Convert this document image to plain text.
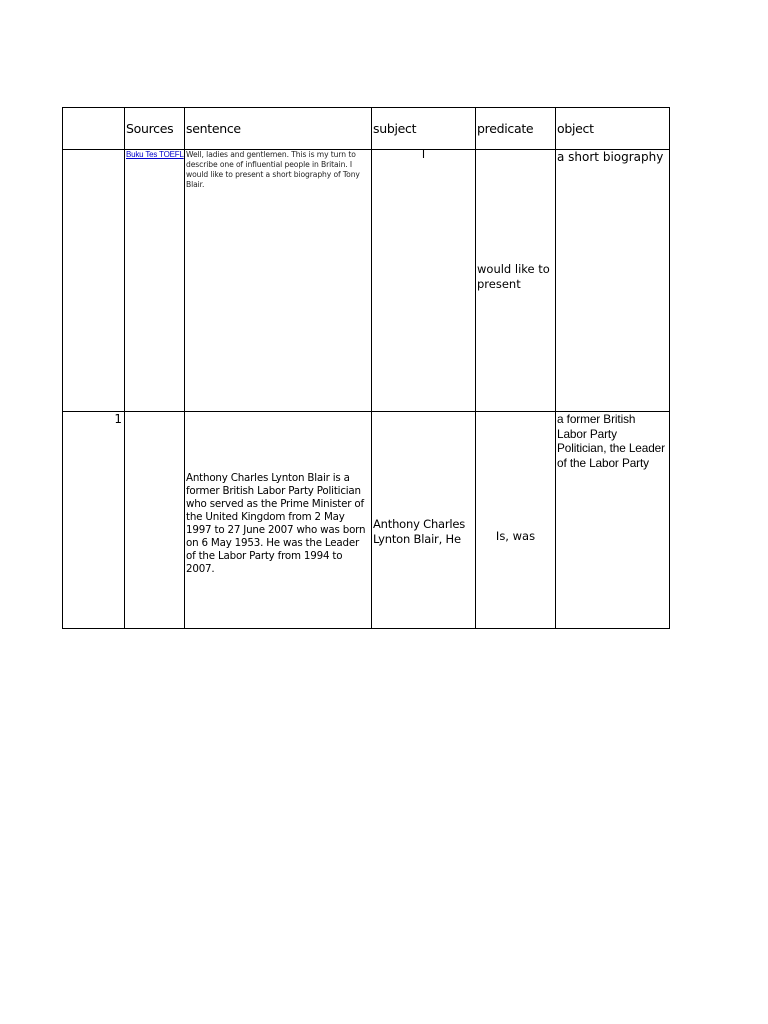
	Sources	sentence	subject	predicate	object

	Buku Tes TOEFL	Well, ladies and gentlemen. This is my turn to describe one of influential people in Britain. I would like to present a short biography of Tony Blair.	I	would like to present	a short biography

1		Anthony Charles Lynton Blair is a former British Labor Party Politician who served as the Prime Minister of the United Kingdom from 2 May 1997 to 27 June 2007 who was born on 6 May 1953. He was the Leader of the Labor Party from 1994 to 2007.	Anthony Charles Lynton Blair, He	Is, was	a former British Labor Party Politician, the Leader of the Labor Party
